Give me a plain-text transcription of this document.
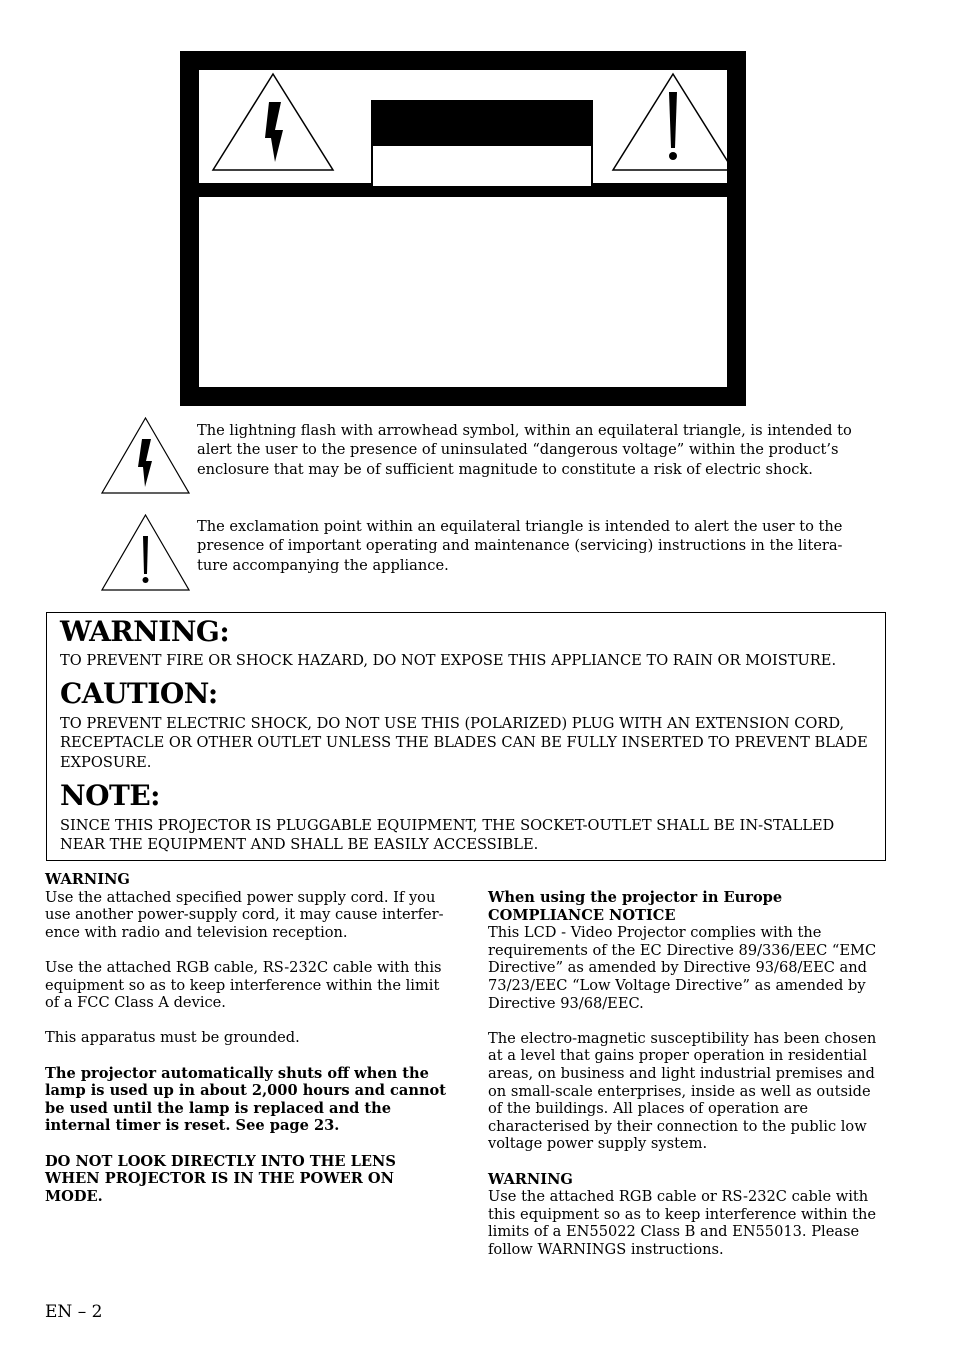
The lightning flash with arrowhead symbol, within an equilateral triangle, is intended to alert the user to the presence of uninsulated “dangerous voltage” within the product’s enclosure that may be of sufficient magnitude to constitute a risk of electric shock.
The exclamation point within an equilateral triangle is intended to alert the user to the presence of important operating and maintenance (servicing) instructions in the litera-ture accompanying the appliance.
WARNING:

TO PREVENT FIRE OR SHOCK HAZARD, DO NOT EXPOSE THIS APPLIANCE TO RAIN OR MOISTURE.

CAUTION:

TO PREVENT ELECTRIC SHOCK, DO NOT USE THIS (POLARIZED) PLUG WITH AN EXTENSION CORD, RECEPTACLE OR OTHER OUTLET UNLESS THE BLADES CAN BE FULLY INSERTED TO PREVENT BLADE EXPOSURE.

NOTE:

SINCE THIS PROJECTOR IS PLUGGABLE EQUIPMENT, THE SOCKET-OUTLET SHALL BE IN-STALLED NEAR THE EQUIPMENT AND SHALL BE EASILY ACCESSIBLE.

WARNING
Use the attached specified power supply cord. If you use another power-supply cord, it may cause interfer-ence with radio and television reception.

Use the attached RGB cable, RS-232C cable with this equipment so as to keep interference within the limit of a FCC Class A device.

This apparatus must be grounded.

The projector automatically shuts off when the lamp is used up in about 2,000 hours and cannot be used until the lamp is replaced and the internal timer is reset. See page 23.

DO NOT LOOK DIRECTLY INTO THE LENS WHEN PROJECTOR IS IN THE POWER ON MODE.

When using the projector in Europe
COMPLIANCE NOTICE
This LCD - Video Projector complies with the requirements of the EC Directive 89/336/EEC “EMC Directive” as amended by Directive 93/68/EEC and 73/23/EEC “Low Voltage Directive” as amended by Directive 93/68/EEC.

The electro-magnetic susceptibility has been chosen at a level that gains proper operation in residential areas, on business and light industrial premises and on small-scale enterprises, inside as well as outside of the buildings. All places of operation are characterised by their connection to the public low voltage power supply system.

WARNING
Use the attached RGB cable or RS-232C cable with this equipment so as to keep interference within the limits of a EN55022 Class B and EN55013. Please follow WARNINGS instructions.

EN – 2
